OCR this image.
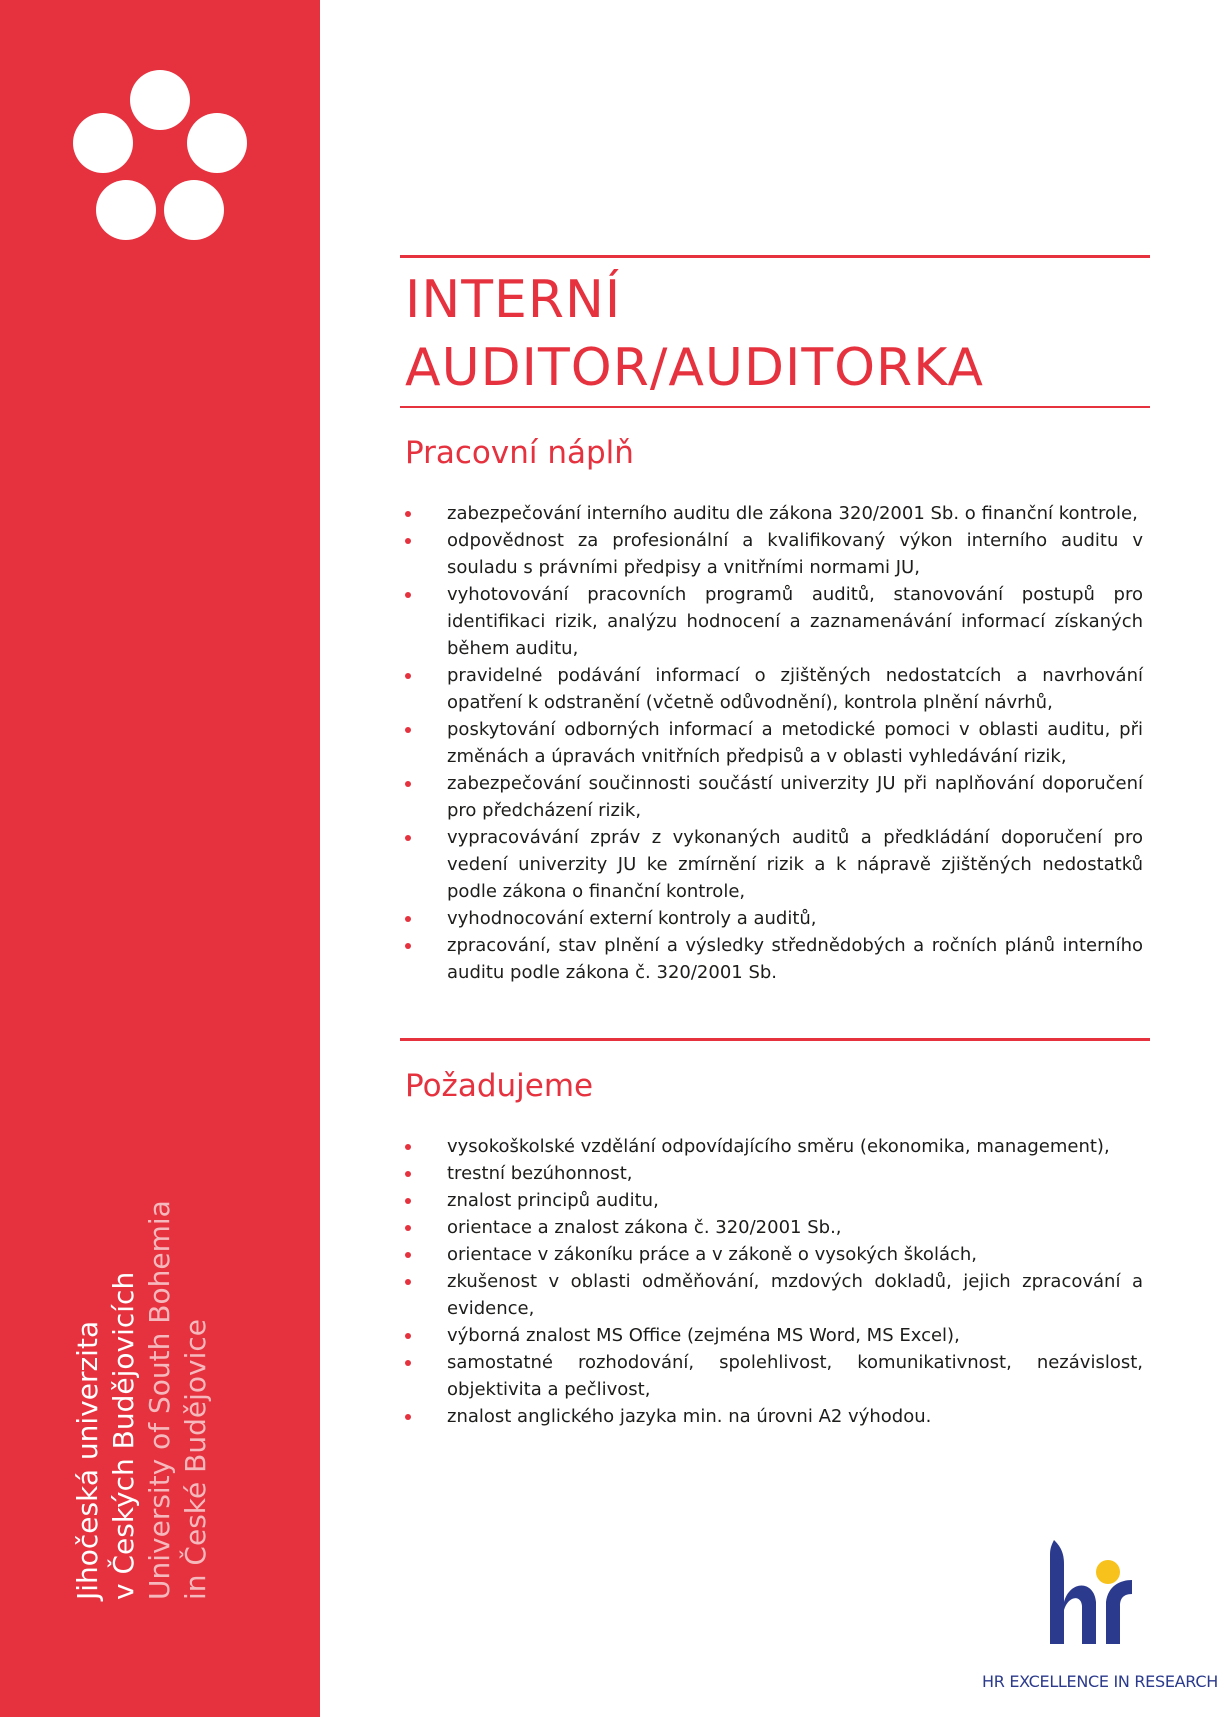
Jihočeská univerzita v Českých Budějovicích University of South Bohemia in České Budějovice
INTERNÍ
AUDITOR/AUDITORKA
Pracovní náplň
zabezpečování interního auditu dle zákona 320/2001 Sb. o finanční kontrole,
odpovědnost za profesionální a kvalifikovaný výkon interního auditu v souladu s právními předpisy a vnitřními normami JU,
vyhotovování pracovních programů auditů, stanovování postupů pro identifikaci rizik, analýzu hodnocení a zaznamenávání informací získaných během auditu,
pravidelné podávání informací o zjištěných nedostatcích a navrhování opatření k odstranění (včetně odůvodnění), kontrola plnění návrhů,
poskytování odborných informací a metodické pomoci v oblasti auditu, při změnách a úpravách vnitřních předpisů a v oblasti vyhledávání rizik,
zabezpečování součinnosti součástí univerzity JU při naplňování doporučení pro předcházení rizik,
vypracovávání zpráv z vykonaných auditů a předkládání doporučení pro vedení univerzity JU ke zmírnění rizik a k nápravě zjištěných nedostatků podle zákona o finanční kontrole,
vyhodnocování externí kontroly a auditů,
zpracování, stav plnění a výsledky střednědobých a ročních plánů interního auditu podle zákona č. 320/2001 Sb.
Požadujeme
vysokoškolské vzdělání odpovídajícího směru (ekonomika, management),
trestní bezúhonnost,
znalost principů auditu,
orientace a znalost zákona č. 320/2001 Sb.,
orientace v zákoníku práce a v zákoně o vysokých školách,
zkušenost v oblasti odměňování, mzdových dokladů, jejich zpracování a evidence,
výborná znalost MS Office (zejména MS Word, MS Excel),
samostatné rozhodování, spolehlivost, komunikativnost, nezávislost, objektivita a pečlivost,
znalost anglického jazyka min. na úrovni A2 výhodou.
HR EXCELLENCE IN RESEARCH
